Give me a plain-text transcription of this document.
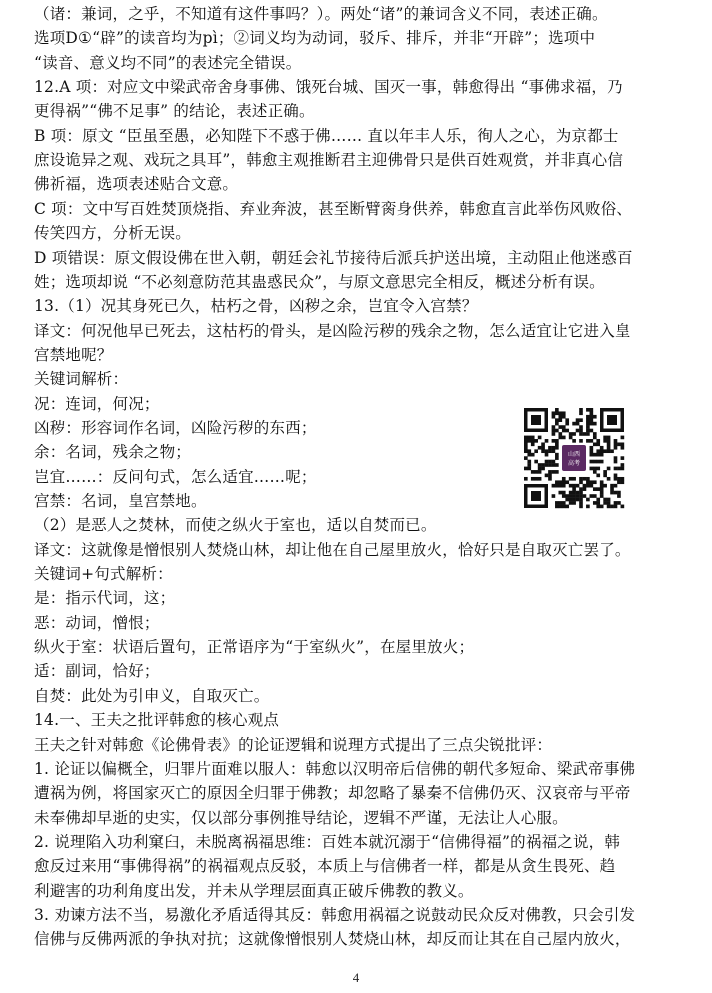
（诸：兼词，之乎，不知道有这件事吗？）。两处“诸”的兼词含义不同，表述正确。
选项D①“辟”的读音均为pì；②词义均为动词，驳斥、排斥，并非“开辟”；选项中
“读音、意义均不同”的表述完全错误。
12.A 项：对应文中梁武帝舍身事佛、饿死台城、国灭一事，韩愈得出 “事佛求福，乃
更得祸”“佛不足事” 的结论，表述正确。
B 项：原文 “臣虽至愚，必知陛下不惑于佛…… 直以年丰人乐，徇人之心，为京都士
庶设诡异之观、戏玩之具耳”，韩愈主观推断君主迎佛骨只是供百姓观赏，并非真心信
佛祈福，选项表述贴合文意。
C 项：文中写百姓焚顶烧指、弃业奔波，甚至断臂脔身供养，韩愈直言此举伤风败俗、
传笑四方，分析无误。
D 项错误：原文假设佛在世入朝，朝廷会礼节接待后派兵护送出境，主动阻止他迷惑百
姓；选项却说 “不必刻意防范其蛊惑民众”，与原文意思完全相反，概述分析有误。
13.（1）况其身死已久，枯朽之骨，凶秽之余，岂宜令入宫禁？
译文：何况他早已死去，这枯朽的骨头，是凶险污秽的残余之物，怎么适宜让它进入皇
宫禁地呢？
关键词解析：
况：连词，何况；
凶秽：形容词作名词，凶险污秽的东西；
余：名词，残余之物；
岂宜……：反问句式，怎么适宜……呢；
宫禁：名词，皇宫禁地。
（2）是恶人之焚林，而使之纵火于室也，适以自焚而已。
译文：这就像是憎恨别人焚烧山林，却让他在自己屋里放火，恰好只是自取灭亡罢了。
关键词+句式解析：
是：指示代词，这；
恶：动词，憎恨；
纵火于室：状语后置句，正常语序为“于室纵火”，在屋里放火；
适：副词，恰好；
自焚：此处为引申义，自取灭亡。
14.一、王夫之批评韩愈的核心观点
王夫之针对韩愈《论佛骨表》的论证逻辑和说理方式提出了三点尖锐批评：
1. 论证以偏概全，归罪片面难以服人：韩愈以汉明帝后信佛的朝代多短命、梁武帝事佛
遭祸为例，将国家灭亡的原因全归罪于佛教；却忽略了暴秦不信佛仍灭、汉哀帝与平帝
未奉佛却早逝的史实，仅以部分事例推导结论，逻辑不严谨，无法让人心服。
2. 说理陷入功利窠臼，未脱离祸福思维：百姓本就沉溺于“信佛得福”的祸福之说，韩
愈反过来用“事佛得祸”的祸福观点反驳，本质上与信佛者一样，都是从贪生畏死、趋
利避害的功利角度出发，并未从学理层面真正破斥佛教的教义。
3. 劝谏方法不当，易激化矛盾适得其反：韩愈用祸福之说鼓动民众反对佛教，只会引发
信佛与反佛两派的争执对抗；这就像憎恨别人焚烧山林，却反而让其在自己屋内放火，
山西
高考
4
